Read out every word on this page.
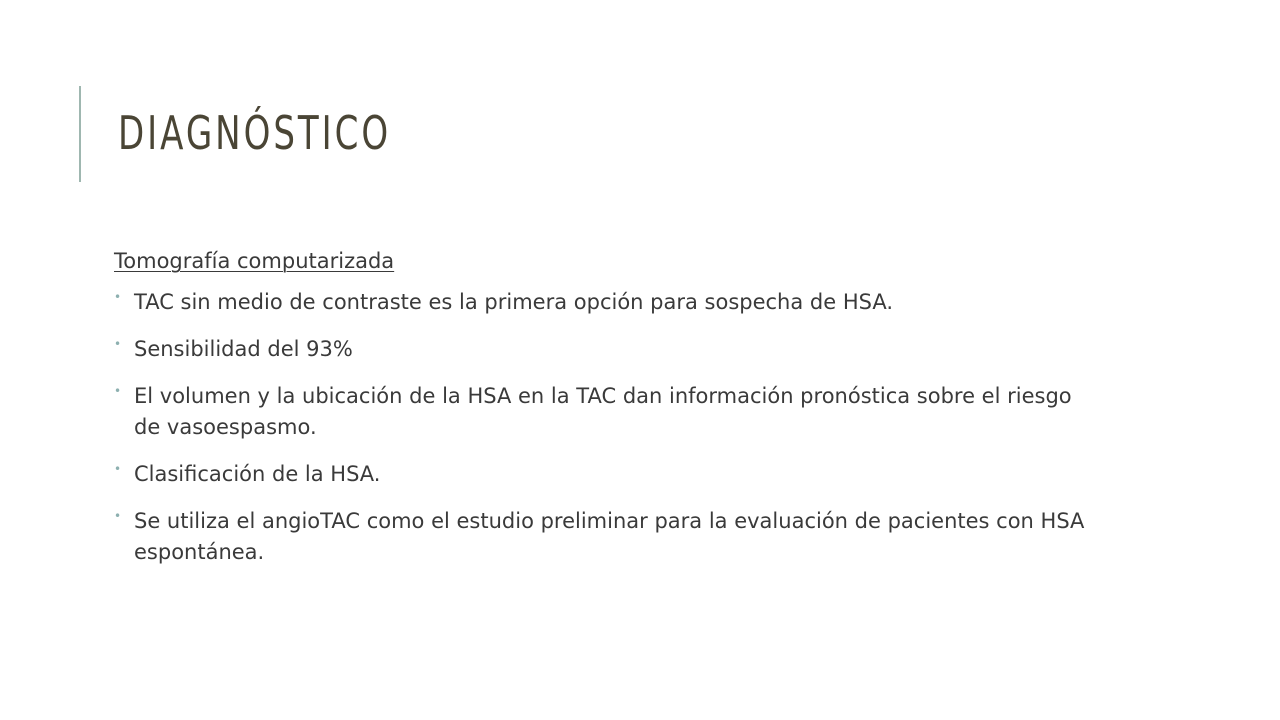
DIAGNÓSTICO

Tomografía computarizada

• TAC sin medio de contraste es la primera opción para sospecha de HSA.
• Sensibilidad del 93%
• El volumen y la ubicación de la HSA en la TAC dan información pronóstica sobre el riesgo de vasoespasmo.
• Clasificación de la HSA.
• Se utiliza el angioTAC como el estudio preliminar para la evaluación de pacientes con HSA espontánea.
